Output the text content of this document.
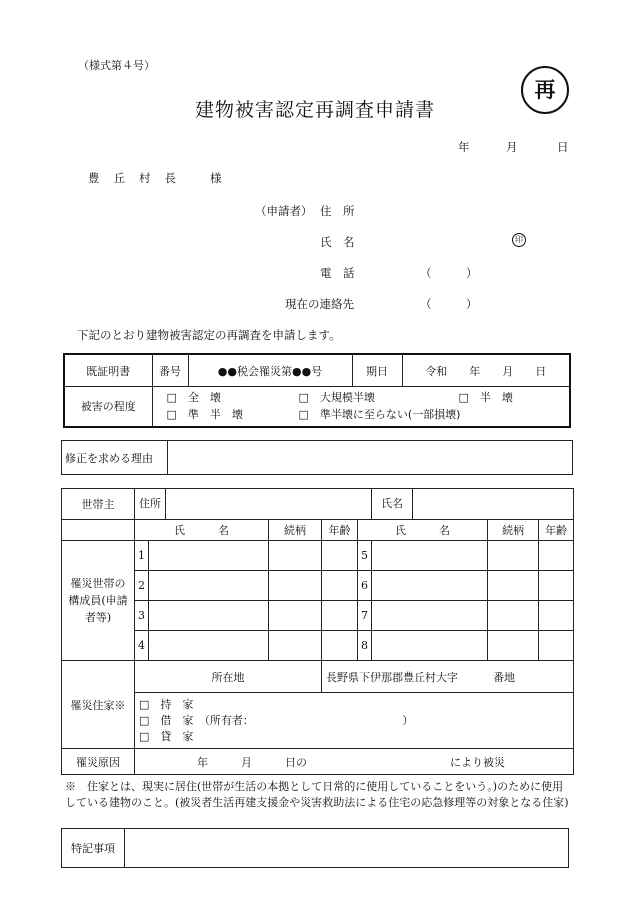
（様式第４号）
再
建物被害認定再調査申請書
年	月	日
豊丘村長 様
（申請者） 住　所
氏　名	印
電　話	（　　　）
現在の連絡先	（　　　）
下記のとおり建物被害認定の再調査を申請します。
既証明書	番号	●●税会罹災第●●号	期日	令和　　年　　月　　日
被害の程度	□　全　壊 □　大規模半壊 □　半　壊
□　準　半　壊 □　準半壊に至らない(一部損壊)			
修正を求める理由	
世帯主	住所					氏名		

	氏　　　名		続柄	年齢	氏　　　名		続柄	年齢
罹災世帯の構成員(申請者等)	1				5			
	2				6			
	3				7			
	4				8			
罹災住家※	所在地			長野県下伊那郡豊丘村大字 番地				

	□　持　家
□　借　家　（所有者：　　　　　　　　　　　　　　）
□　貸　家							

罹災原因	年　　　月　　　日の　　　　　　　　　　　　　により被災							
※　住家とは、現実に居住(世帯が生活の本拠として日常的に使用していることをいう。)のために使用している建物のこと。(被災者生活再建支援金や災害救助法による住宅の応急修理等の対象となる住家)
特記事項	
